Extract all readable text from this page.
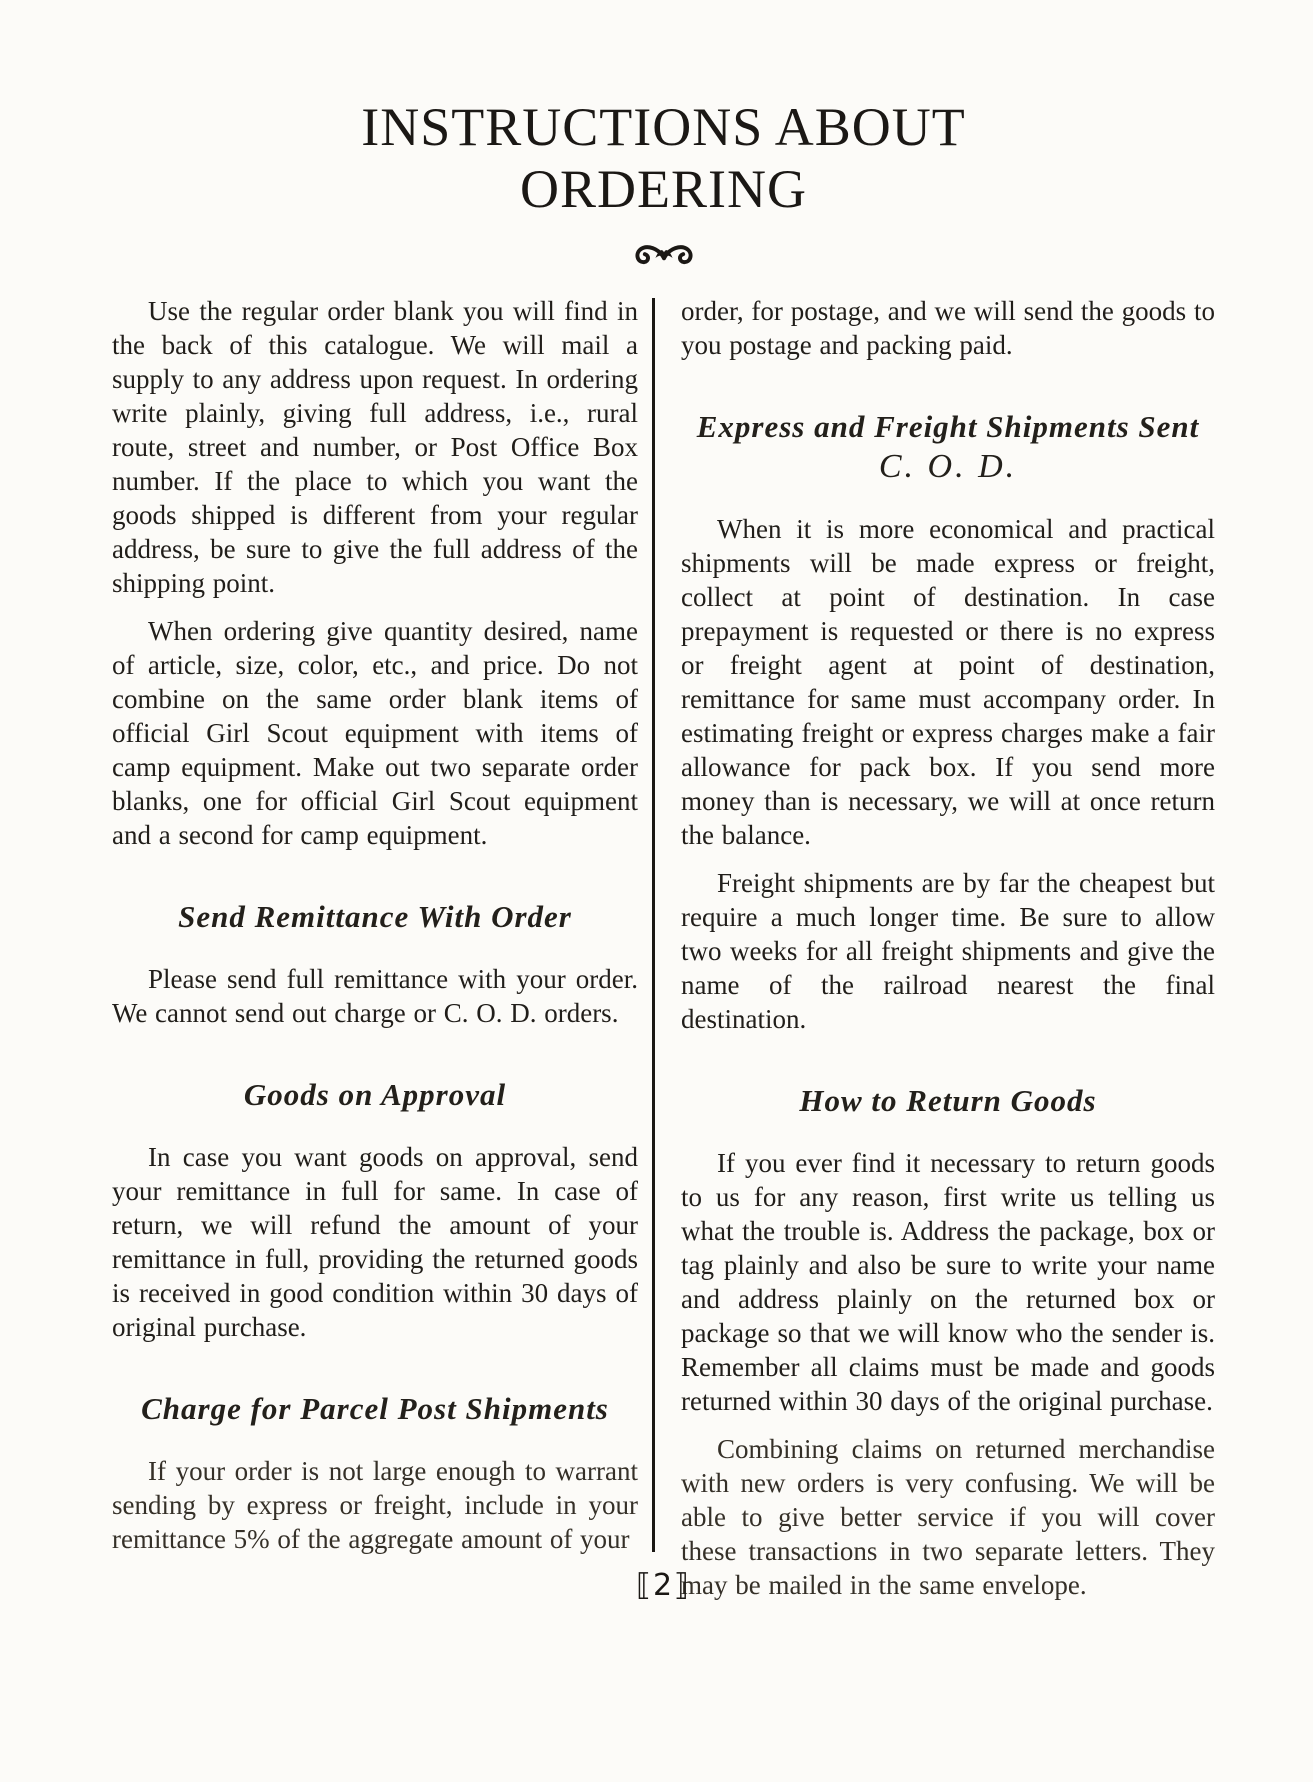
INSTRUCTIONS ABOUT
ORDERING

Use the regular order blank you will find in the back of this catalogue. We will mail a supply to any address upon request. In ordering write plainly, giving full address, i.e., rural route, street and number, or Post Office Box number. If the place to which you want the goods shipped is different from your regular address, be sure to give the full address of the shipping point.

When ordering give quantity desired, name of article, size, color, etc., and price. Do not combine on the same order blank items of official Girl Scout equipment with items of camp equipment. Make out two separate order blanks, one for official Girl Scout equipment and a second for camp equipment.

Send Remittance With Order

Please send full remittance with your order. We cannot send out charge or C. O. D. orders.

Goods on Approval

In case you want goods on approval, send your remittance in full for same. In case of return, we will refund the amount of your remittance in full, providing the returned goods is received in good condition within 30 days of original purchase.

Charge for Parcel Post Shipments

If your order is not large enough to warrant sending by express or freight, include in your remittance 5% of the aggregate amount of your

order, for postage, and we will send the goods to you postage and packing paid.

Express and Freight Shipments Sent
C. O. D.

When it is more economical and practical shipments will be made express or freight, collect at point of destination. In case prepayment is requested or there is no express or freight agent at point of destination, remittance for same must accompany order. In estimating freight or express charges make a fair allowance for pack box. If you send more money than is necessary, we will at once return the balance.

Freight shipments are by far the cheapest but require a much longer time. Be sure to allow two weeks for all freight shipments and give the name of the railroad nearest the final destination.

How to Return Goods

If you ever find it necessary to return goods to us for any reason, first write us telling us what the trouble is. Address the package, box or tag plainly and also be sure to write your name and address plainly on the returned box or package so that we will know who the sender is. Remember all claims must be made and goods returned within 30 days of the original purchase.

Combining claims on returned merchandise with new orders is very confusing. We will be able to give better service if you will cover these transactions in two separate letters. They may be mailed in the same envelope.

⟦2⟧
